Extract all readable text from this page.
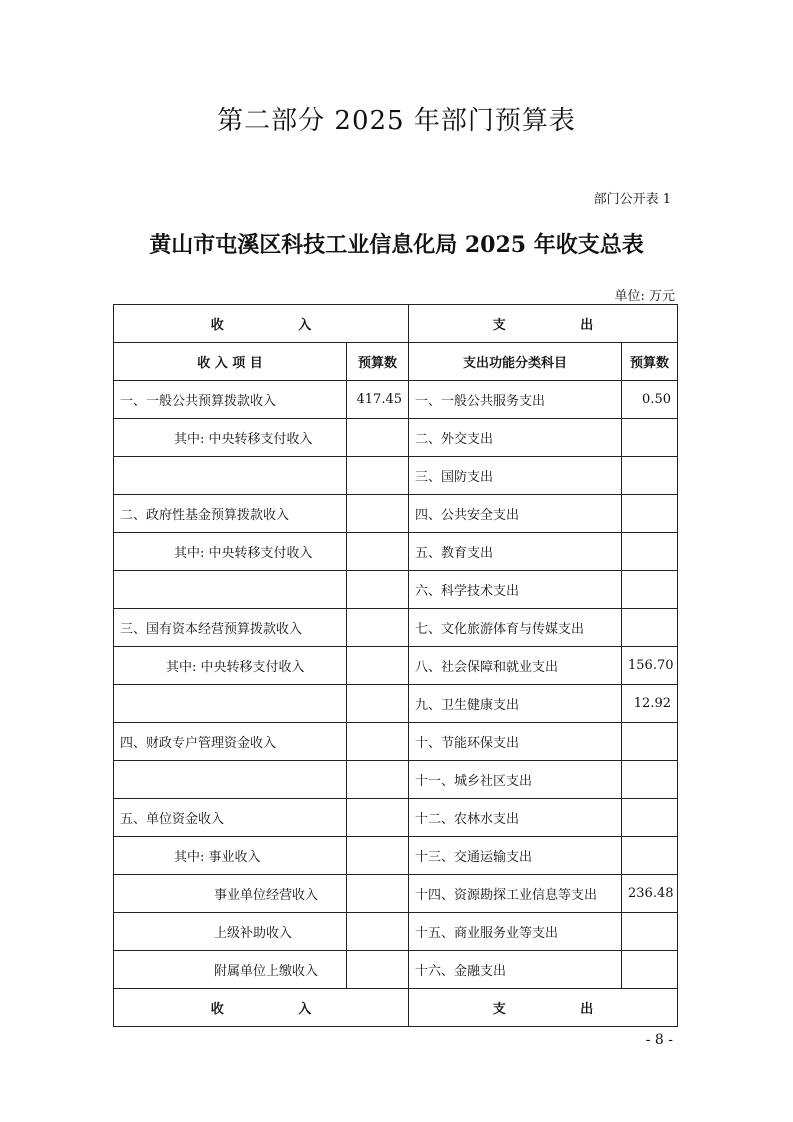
第二部分 2025 年部门预算表
部门公开表 1
黄山市屯溪区科技工业信息化局 2025 年收支总表
单位: 万元
收 入		支 出	
收 入 项 目	预算数	支出功能分类科目	预算数
一、一般公共预算拨款收入	417.45	一、一般公共服务支出	0.50
其中: 中央转移支付收入		二、外交支出	
		三、国防支出	
二、政府性基金预算拨款收入		四、公共安全支出	
其中: 中央转移支付收入		五、教育支出	
		六、科学技术支出	
三、国有资本经营预算拨款收入		七、文化旅游体育与传媒支出	
其中: 中央转移支付收入		八、社会保障和就业支出	156.70
		九、卫生健康支出	12.92
四、财政专户管理资金收入		十、节能环保支出	
		十一、城乡社区支出	
五、单位资金收入		十二、农林水支出	
其中: 事业收入		十三、交通运输支出	
事业单位经营收入		十四、资源勘探工业信息等支出	236.48
上级补助收入		十五、商业服务业等支出	
附属单位上缴收入		十六、金融支出	
收 入		支 出	
- 8 -
